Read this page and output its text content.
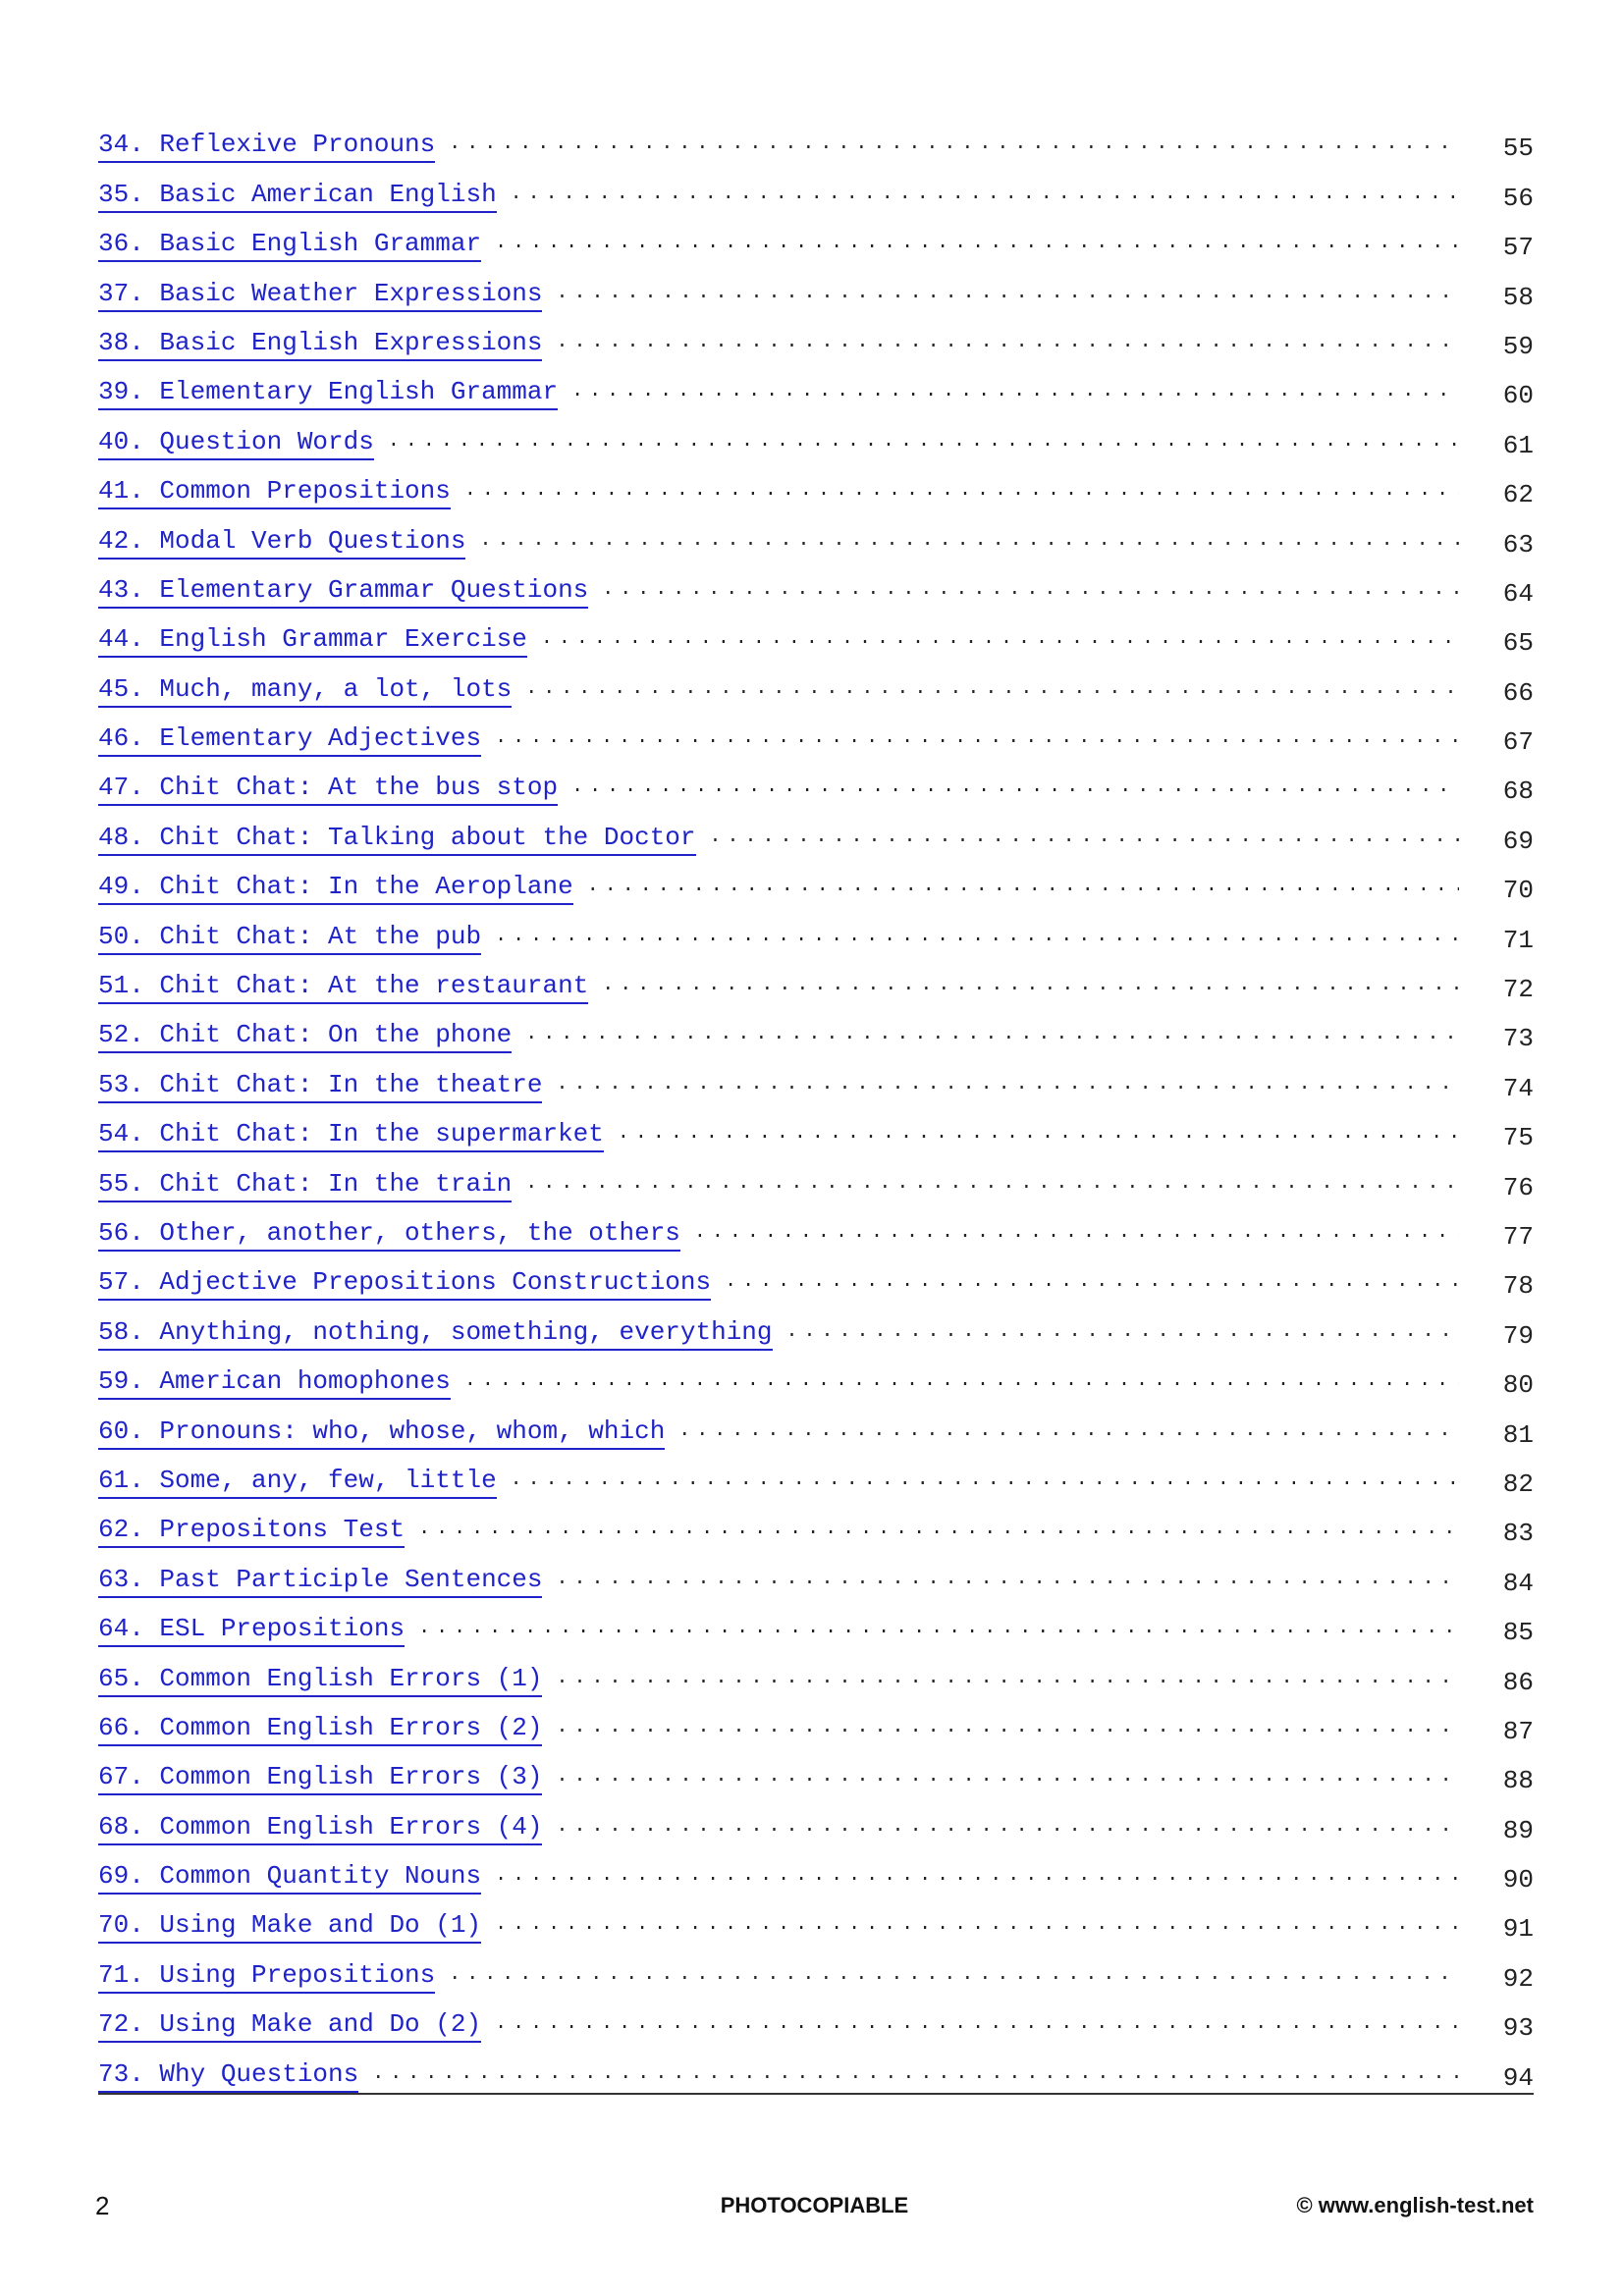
34. Reflexive Pronouns . . .	55
35. Basic American English . . .	56
36. Basic English Grammar . . .	57
37. Basic Weather Expressions . . .	58
38. Basic English Expressions . . .	59
39. Elementary English Grammar . . .	60
40. Question Words . . .	61
41. Common Prepositions . . .	62
42. Modal Verb Questions . . .	63
43. Elementary Grammar Questions . . .	64
44. English Grammar Exercise . . .	65
45. Much, many, a lot, lots . . .	66
46. Elementary Adjectives . . .	67
47. Chit Chat: At the bus stop . . .	68
48. Chit Chat: Talking about the Doctor . . .	69
49. Chit Chat: In the Aeroplane . . .	70
50. Chit Chat: At the pub . . .	71
51. Chit Chat: At the restaurant . . .	72
52. Chit Chat: On the phone . . .	73
53. Chit Chat: In the theatre . . .	74
54. Chit Chat: In the supermarket . . .	75
55. Chit Chat: In the train . . .	76
56. Other, another, others, the others . . .	77
57. Adjective Prepositions Constructions . . .	78
58. Anything, nothing, something, everything . . .	79
59. American homophones . . .	80
60. Pronouns: who, whose, whom, which . . .	81
61. Some, any, few, little . . .	82
62. Prepositons Test . . .	83
63. Past Participle Sentences . . .	84
64. ESL Prepositions . . .	85
65. Common English Errors (1) . . .	86
66. Common English Errors (2) . . .	87
67. Common English Errors (3) . . .	88
68. Common English Errors (4) . . .	89
69. Common Quantity Nouns . . .	90
70. Using Make and Do (1) . . .	91
71. Using Prepositions . . .	92
72. Using Make and Do (2) . . .	93
73. Why Questions . . .	94
2	PHOTOCOPIABLE	© www.english-test.net
